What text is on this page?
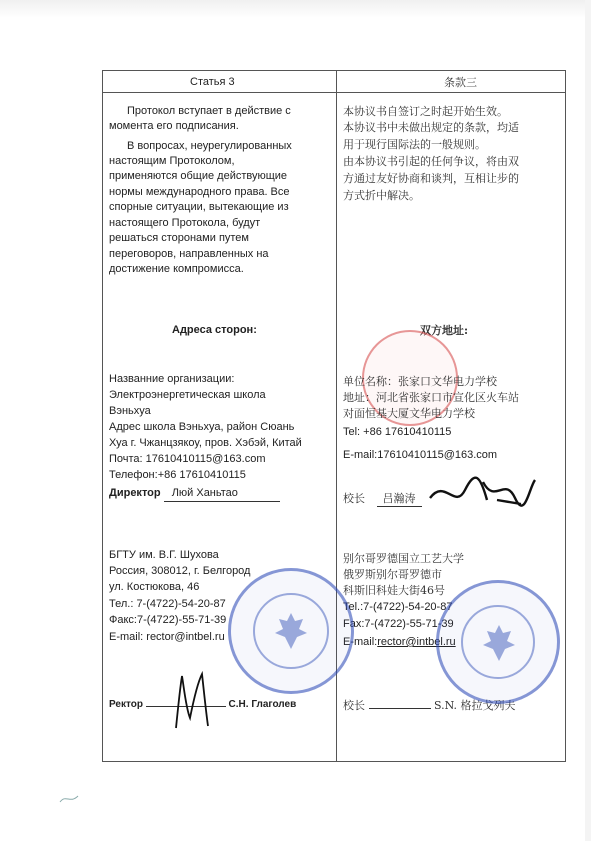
Статья 3
Протокол вступает в действие с
момента его подписания.
В вопросах, неурегулированных
настоящим Протоколом,
применяются общие действующие
нормы международного права. Все
спорные ситуации, вытекающие из
настоящего Протокола, будут
решаться сторонами путем
переговоров, направленных на
достижение компромисса.
Адреса сторон:
Названние организации:
Электроэнергетическая школа
Вэньхуа
Адрес школа Вэньхуа, район Сюань
Хуа г. Чжанцзякоу, пров. Хэбэй, Китай
Почта: 17610410115@163.com
Телефон:+86 17610410115
Директор Люй Ханьтао
БГТУ им. В.Г. Шухова
Россия, 308012, г. Белгород
ул. Костюкова, 46
Тел.: 7-(4722)-54-20-87
Факс:7-(4722)-55-71-39
E-mail: rector@intbel.ru
Ректор	С.Н. Глаголев
条款三
本协议书自签订之时起开始生效。
本协议书中未做出规定的条款，均适
用于现行国际法的一般规则。
由本协议书引起的任何争议，将由双
方通过友好协商和谈判，互相让步的
方式折中解决。
双方地址:
单位名称：张家口文华电力学校
地址：河北省张家口市宣化区火车站
对面恒基大厦文华电力学校
Tel: +86 17610410115
E-mail:17610410115@163.com
校长 吕瀚涛
别尔哥罗德国立工艺大学
俄罗斯别尔哥罗德市
科斯旧科娃大街46号
Tel.:7-(4722)-54-20-87
Fax:7-(4722)-55-71-39
E-mail:rector@intbel.ru
校长	S.N. 格拉戈列夫
